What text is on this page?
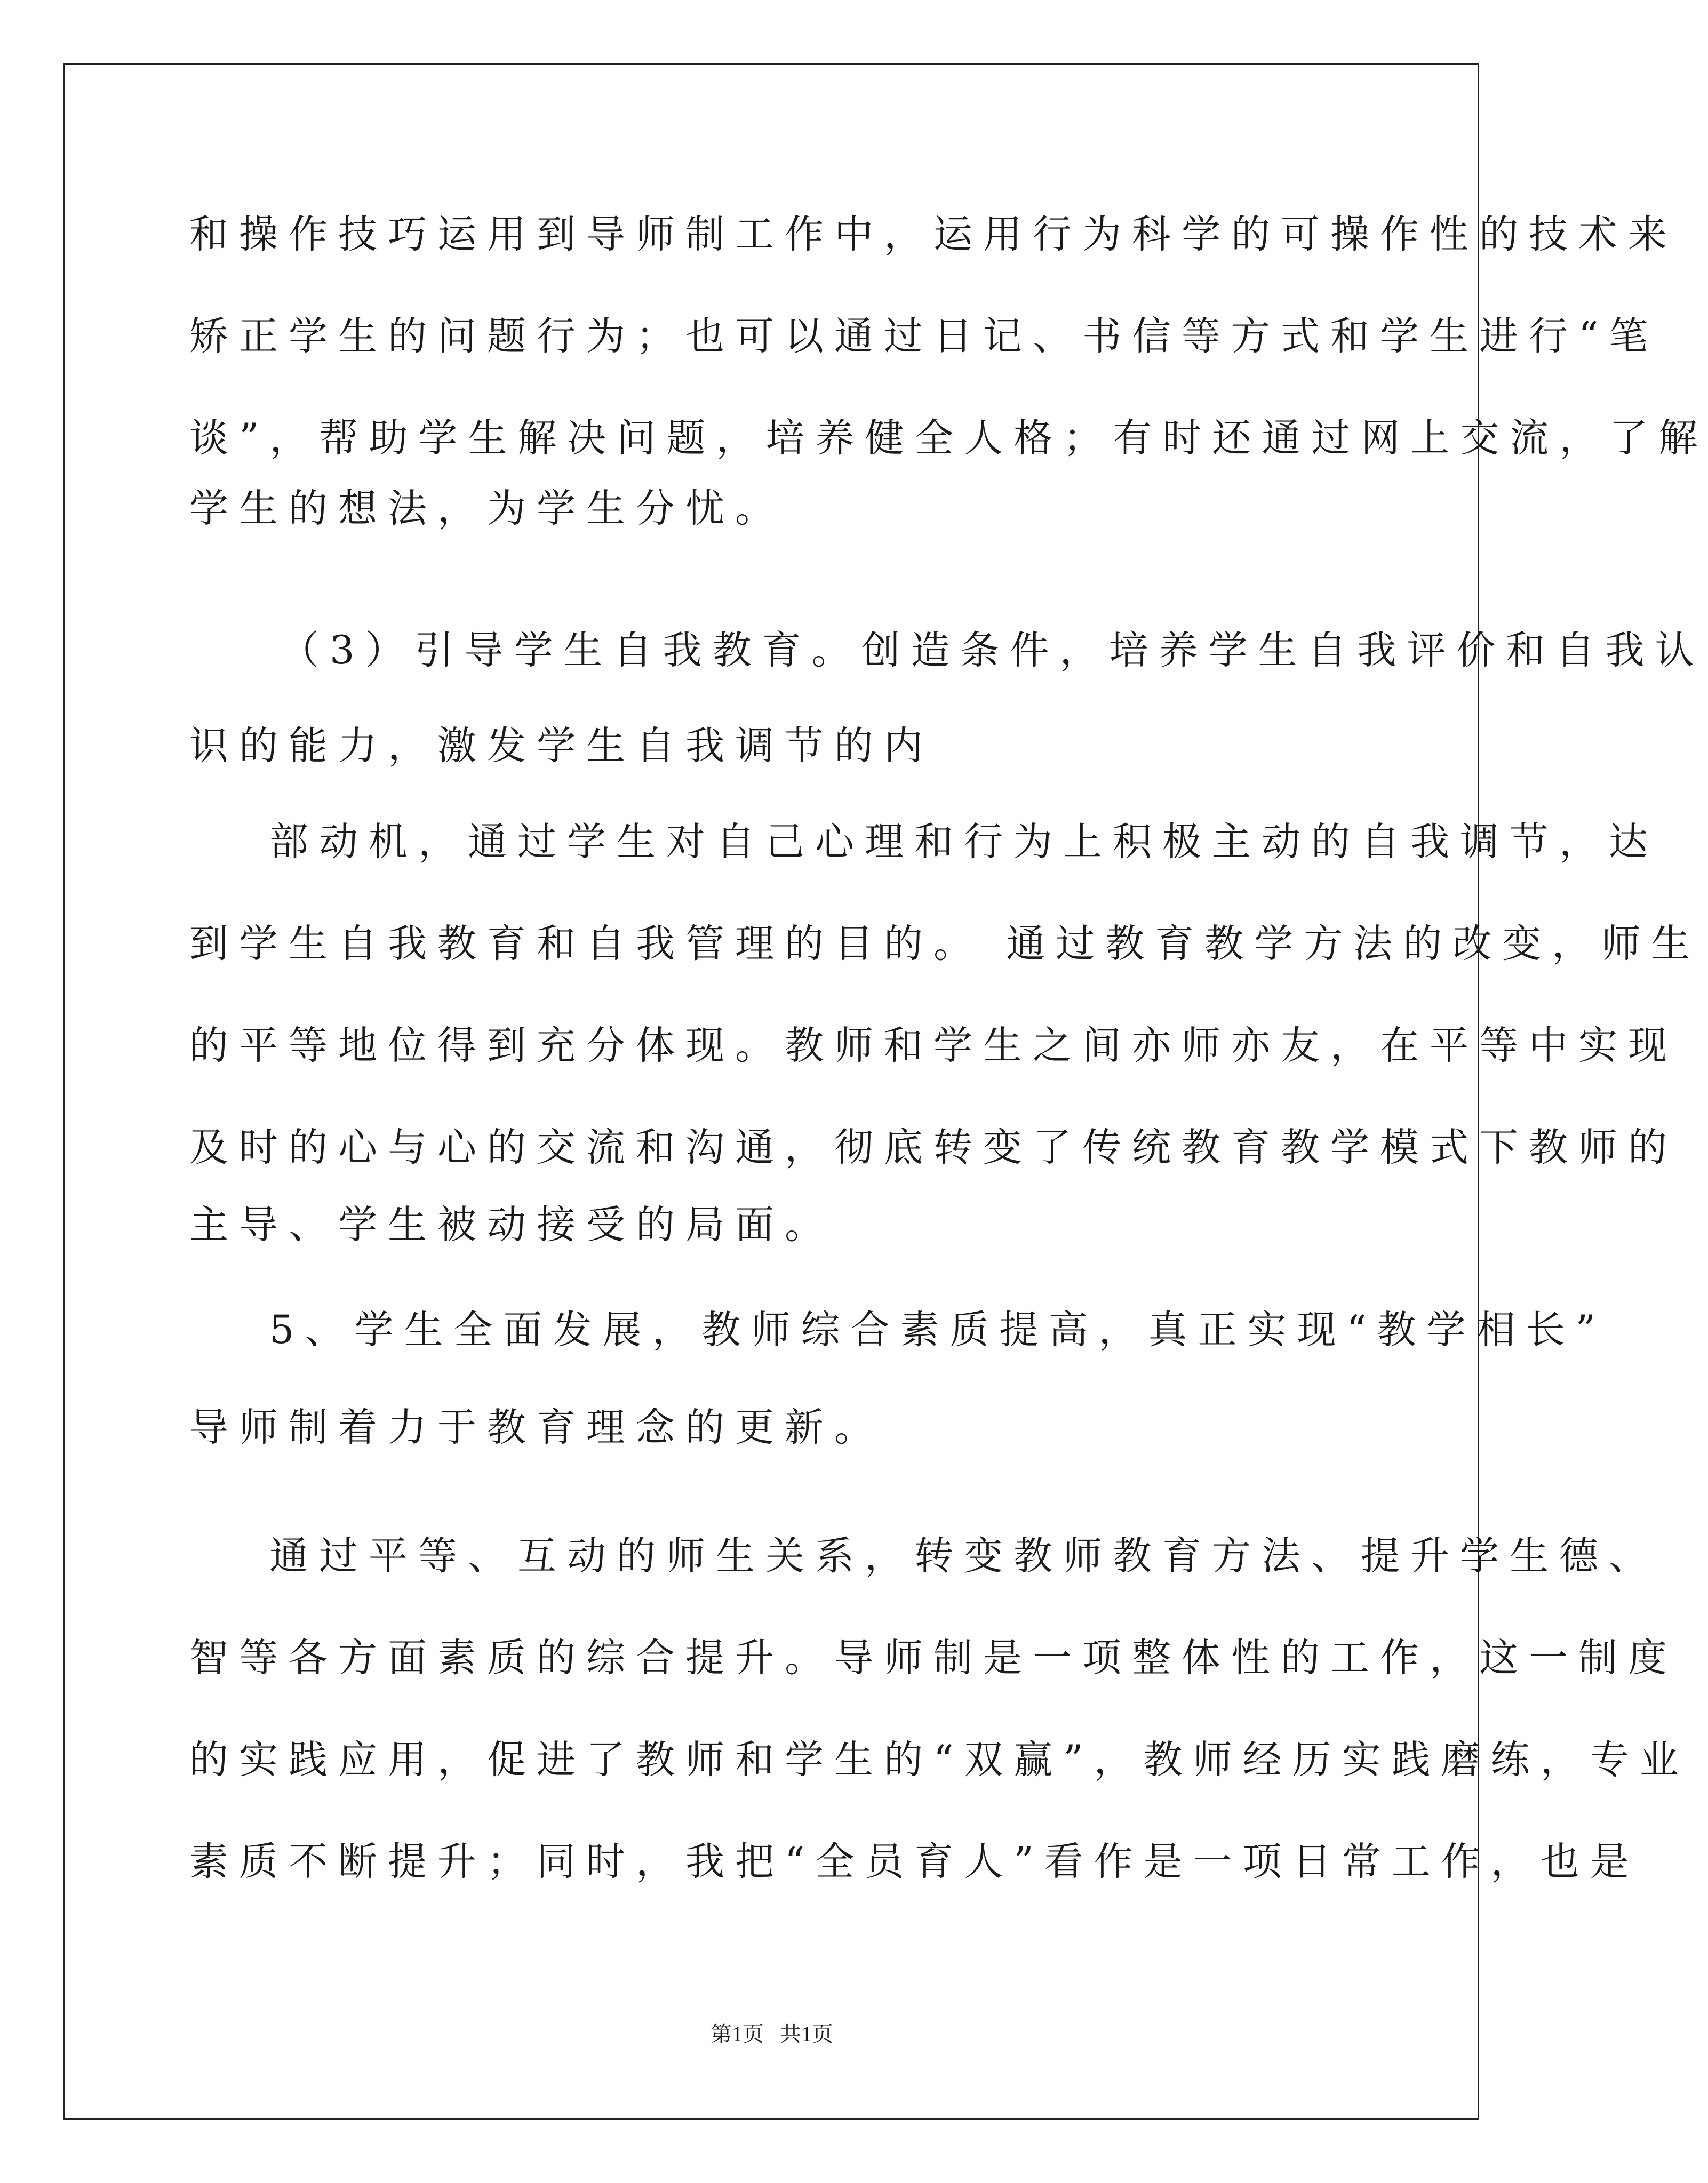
和操作技巧运用到导师制工作中，运用行为科学的可操作性的技术来
矫正学生的问题行为；也可以通过日记、书信等方式和学生进行“笔
谈”，帮助学生解决问题，培养健全人格；有时还通过网上交流，了解
学生的想法，为学生分忧。
（3）引导学生自我教育。创造条件，培养学生自我评价和自我认
识的能力，激发学生自我调节的内
部动机，通过学生对自己心理和行为上积极主动的自我调节，达
到学生自我教育和自我管理的目的。 通过教育教学方法的改变，师生
的平等地位得到充分体现。教师和学生之间亦师亦友，在平等中实现
及时的心与心的交流和沟通，彻底转变了传统教育教学模式下教师的
主导、学生被动接受的局面。
5、学生全面发展，教师综合素质提高，真正实现“教学相长”
导师制着力于教育理念的更新。
通过平等、互动的师生关系，转变教师教育方法、提升学生德、
智等各方面素质的综合提升。导师制是一项整体性的工作，这一制度
的实践应用，促进了教师和学生的“双赢”，教师经历实践磨练，专业
素质不断提升；同时，我把“全员育人”看作是一项日常工作，也是
第1页   共1页
